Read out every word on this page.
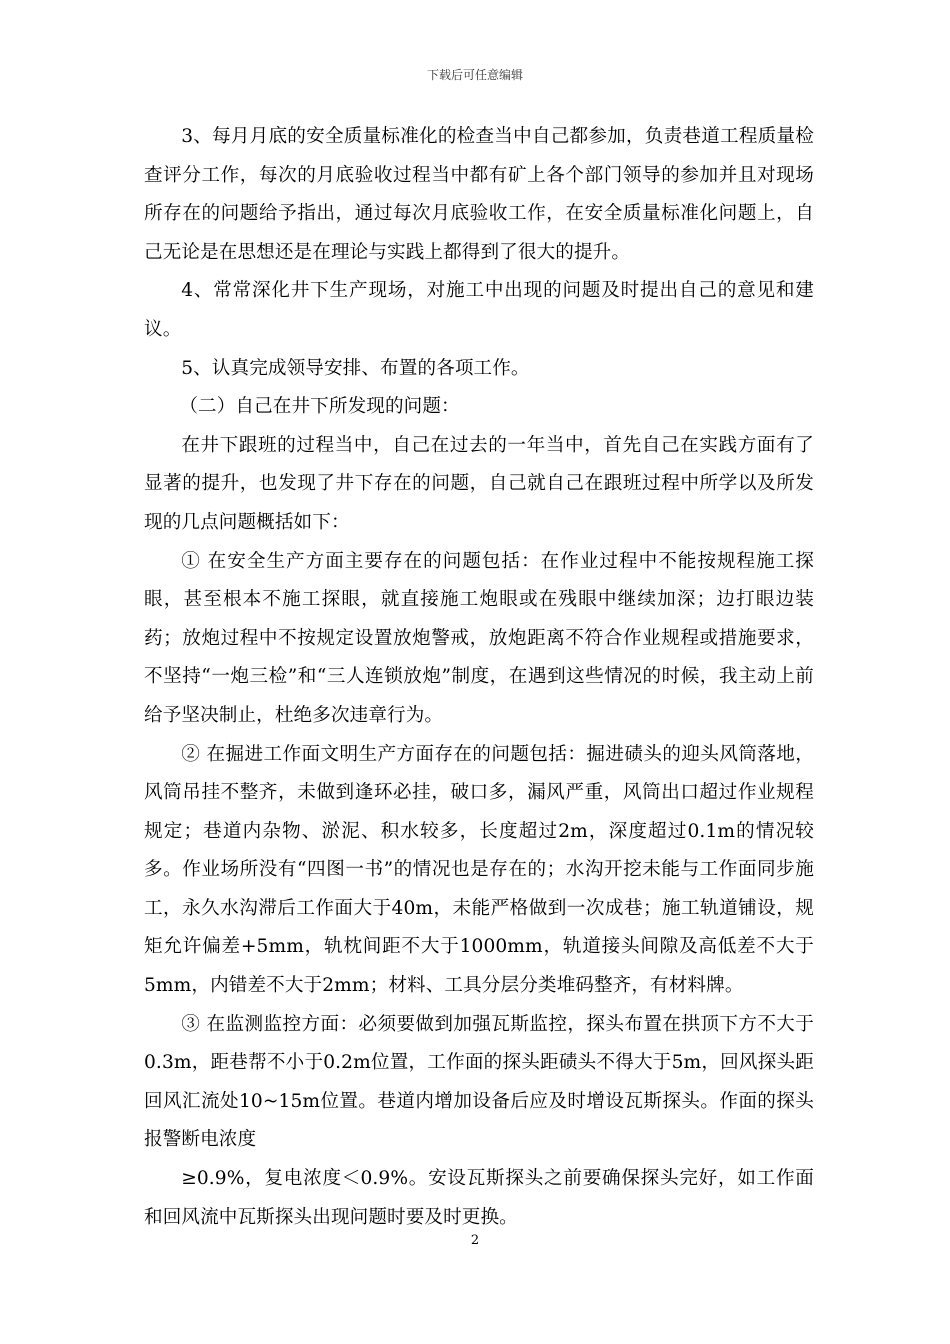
下载后可任意编辑

3、每月月底的安全质量标准化的检查当中自己都参加，负责巷道工程质量检查评分工作，每次的月底验收过程当中都有矿上各个部门领导的参加并且对现场所存在的问题给予指出，通过每次月底验收工作，在安全质量标准化问题上，自己无论是在思想还是在理论与实践上都得到了很大的提升。

4、常常深化井下生产现场，对施工中出现的问题及时提出自己的意见和建议。

5、认真完成领导安排、布置的各项工作。

（二）自己在井下所发现的问题：

在井下跟班的过程当中，自己在过去的一年当中，首先自己在实践方面有了显著的提升，也发现了井下存在的问题，自己就自己在跟班过程中所学以及所发现的几点问题概括如下：

① 在安全生产方面主要存在的问题包括：在作业过程中不能按规程施工探眼，甚至根本不施工探眼，就直接施工炮眼或在残眼中继续加深；边打眼边装药；放炮过程中不按规定设置放炮警戒，放炮距离不符合作业规程或措施要求，不坚持“一炮三检”和“三人连锁放炮”制度，在遇到这些情况的时候，我主动上前给予坚决制止，杜绝多次违章行为。

② 在掘进工作面文明生产方面存在的问题包括：掘进碛头的迎头风筒落地，风筒吊挂不整齐，未做到逢环必挂，破口多，漏风严重，风筒出口超过作业规程规定；巷道内杂物、淤泥、积水较多，长度超过2m，深度超过0.1m的情况较多。作业场所没有“四图一书”的情况也是存在的；水沟开挖未能与工作面同步施工，永久水沟滞后工作面大于40m，未能严格做到一次成巷；施工轨道铺设，规矩允许偏差+5mm，轨枕间距不大于1000mm，轨道接头间隙及高低差不大于5mm，内错差不大于2mm；材料、工具分层分类堆码整齐，有材料牌。

③ 在监测监控方面：必须要做到加强瓦斯监控，探头布置在拱顶下方不大于0.3m，距巷帮不小于0.2m位置，工作面的探头距碛头不得大于5m，回风探头距回风汇流处10~15m位置。巷道内增加设备后应及时增设瓦斯探头。作面的探头报警断电浓度

≥0.9%，复电浓度＜0.9%。安设瓦斯探头之前要确保探头完好，如工作面和回风流中瓦斯探头出现问题时要及时更换。

2
